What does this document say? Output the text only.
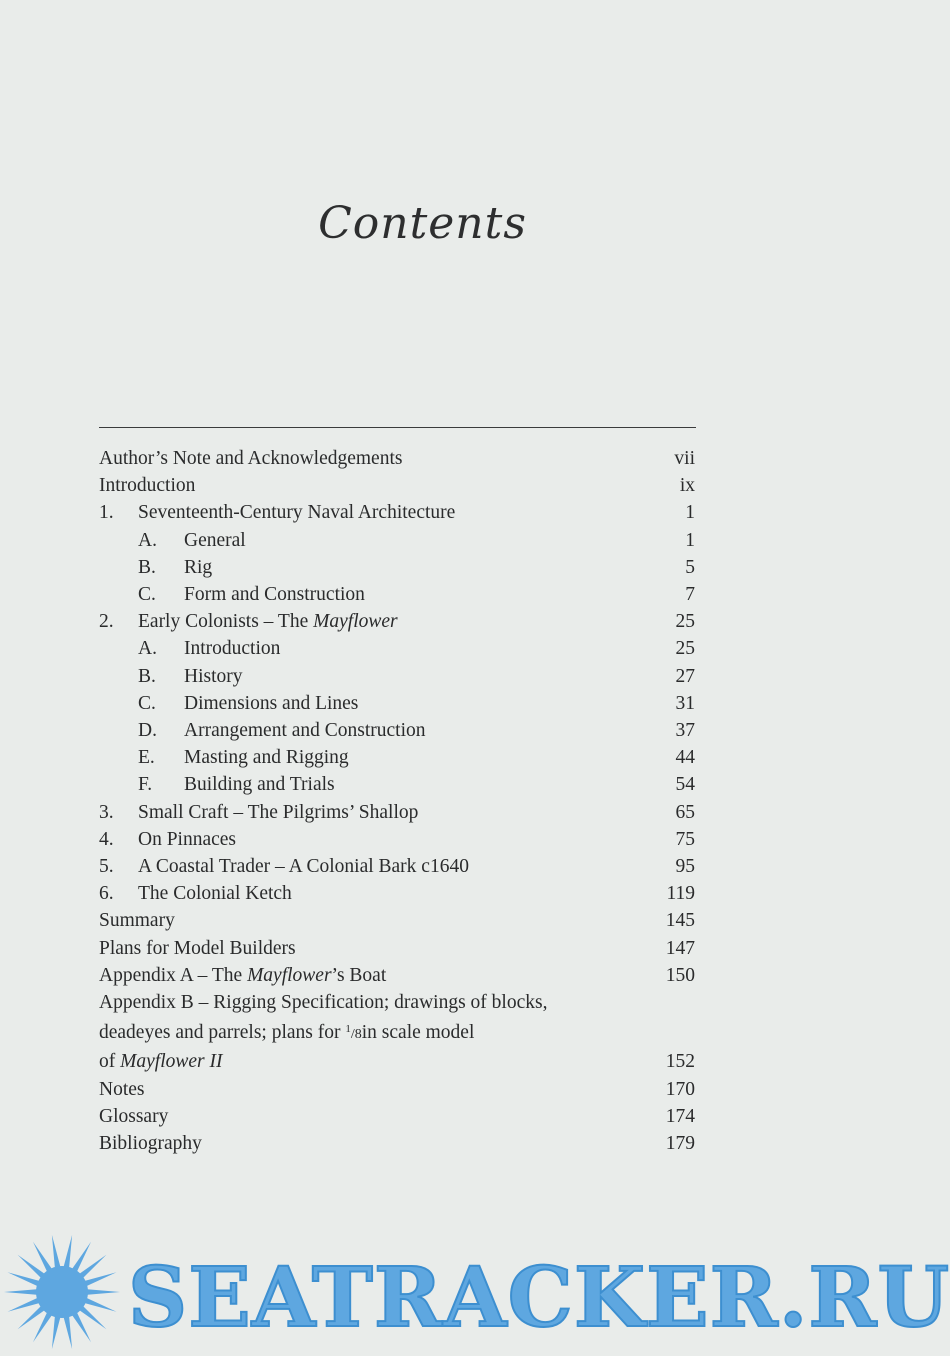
Contents
Author’s Note and Acknowledgements	vii
Introduction	ix
1. Seventeenth-Century Naval Architecture	1
A. General	1
B. Rig	5
C. Form and Construction	7
2. Early Colonists – The Mayflower	25
A. Introduction	25
B. History	27
C. Dimensions and Lines	31
D. Arrangement and Construction	37
E. Masting and Rigging	44
F. Building and Trials	54
3. Small Craft – The Pilgrims’ Shallop	65
4. On Pinnaces	75
5. A Coastal Trader – A Colonial Bark c1640	95
6. The Colonial Ketch	119
Summary	145
Plans for Model Builders	147
Appendix A – The Mayflower’s Boat	150
Appendix B – Rigging Specification; drawings of blocks,
deadeyes and parrels; plans for $^1$/8in scale model
of Mayflower II	152
Notes	170
Glossary	174
Bibliography	179
SEATRACKER.RU
